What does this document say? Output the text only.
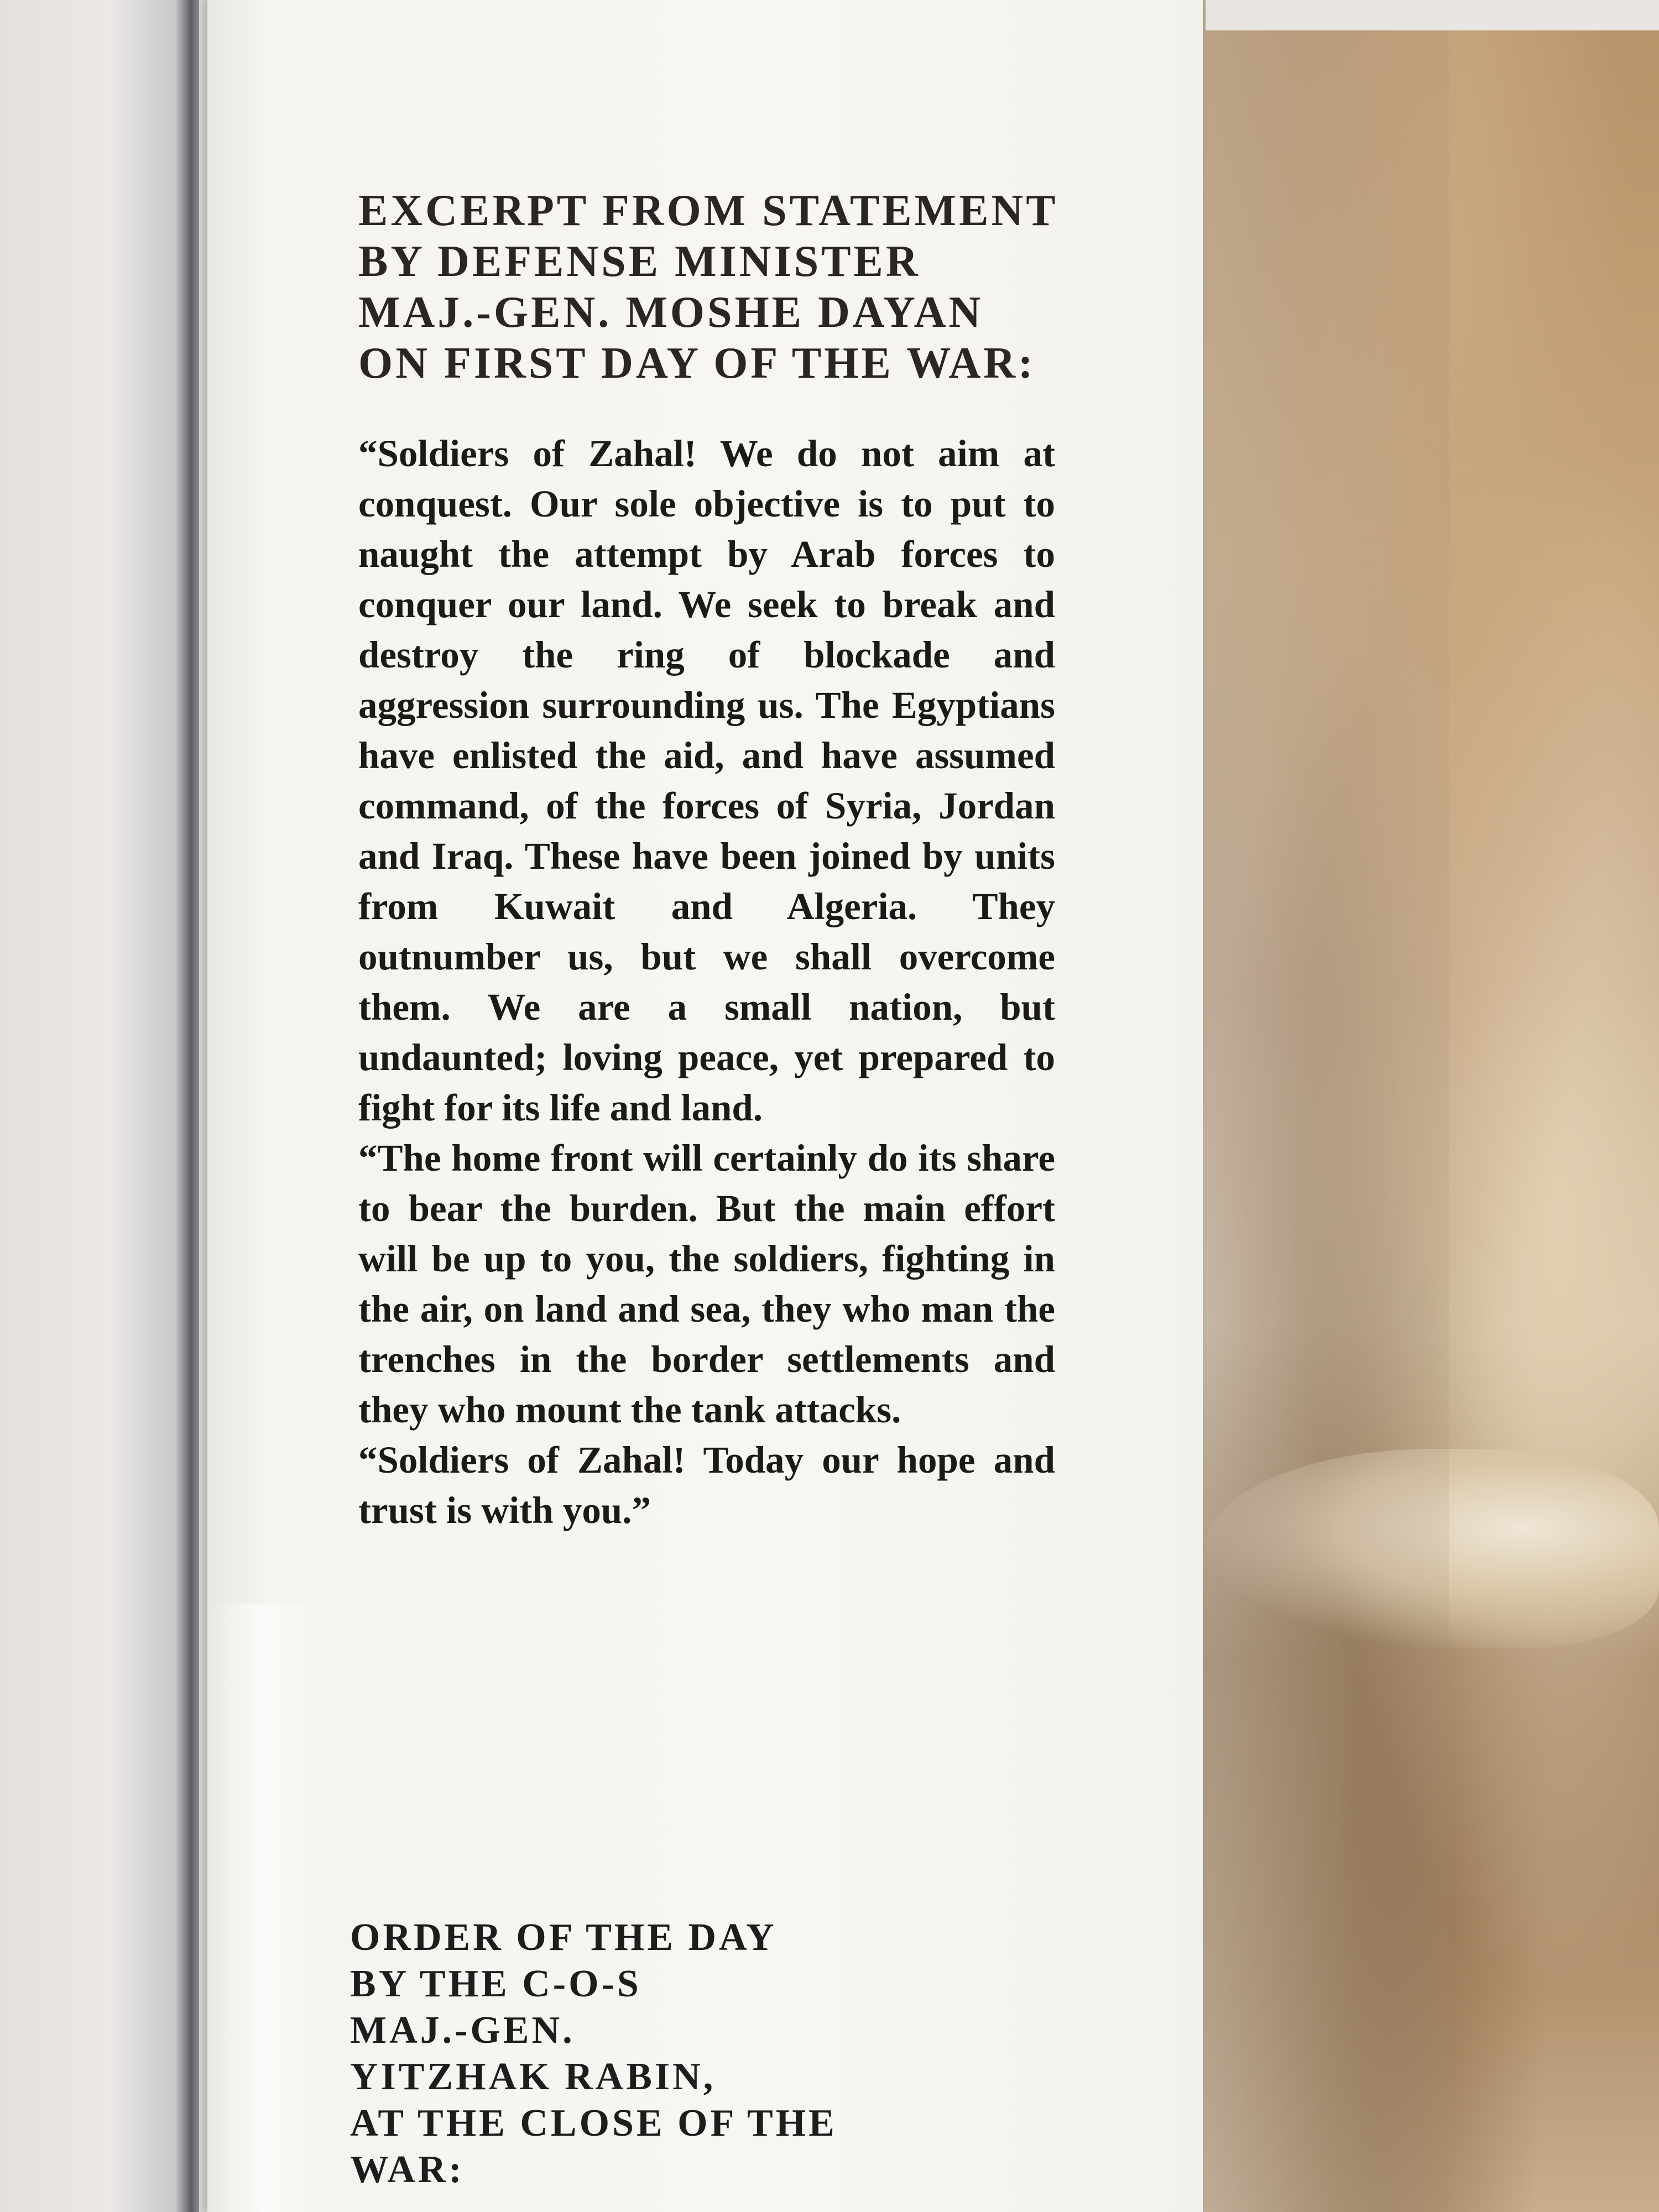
EXCERPT FROM STATEMENT
BY DEFENSE MINISTER
MAJ.-GEN. MOSHE DAYAN
ON FIRST DAY OF THE WAR:

“Soldiers of Zahal! We do not aim at conquest. Our sole objective is to put to naught the attempt by Arab forces to conquer our land. We seek to break and destroy the ring of blockade and aggression surrounding us. The Egyptians have enlisted the aid, and have assumed command, of the forces of Syria, Jordan and Iraq. These have been joined by units from Kuwait and Algeria. They outnumber us, but we shall overcome them. We are a small nation, but undaunted; loving peace, yet prepared to fight for its life and land.

“The home front will certainly do its share to bear the burden. But the main effort will be up to you, the soldiers, fighting in the air, on land and sea, they who man the trenches in the border settlements and they who mount the tank attacks.

“Soldiers of Zahal! Today our hope and trust is with you.”

ORDER OF THE DAY
BY THE C-O-S
MAJ.-GEN.
YITZHAK RABIN,
AT THE CLOSE OF THE
WAR:
